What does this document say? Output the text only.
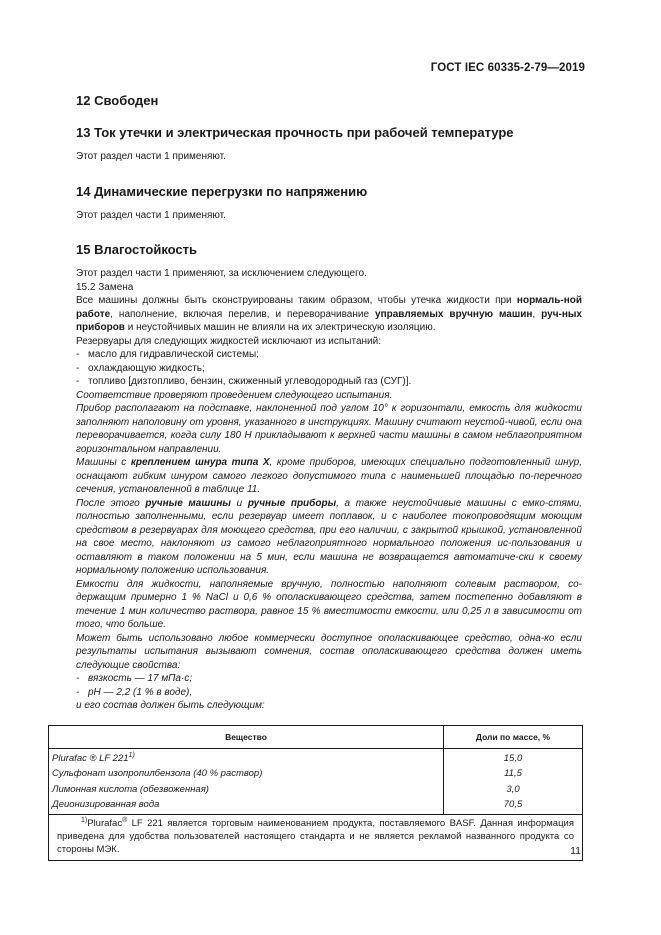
ГОСТ IEC 60335-2-79—2019
12 Свободен
13 Ток утечки и электрическая прочность при рабочей температуре

Этот раздел части 1 применяют.

14 Динамические перегрузки по напряжению

Этот раздел части 1 применяют.

15 Влагостойкость

Этот раздел части 1 применяют, за исключением следующего.

15.2 Замена

Все машины должны быть сконструированы таким образом, чтобы утечка жидкости при нормаль-ной работе, наполнение, включая перелив, и переворачивание управляемых вручную машин, руч-ных приборов и неустойчивых машин не влияли на их электрическую изоляцию.

Резервуары для следующих жидкостей исключают из испытаний:

- масло для гидравлической системы;

- охлаждающую жидкость;

- топливо [дизтопливо, бензин, сжиженный углеводородный газ (СУГ)].

Соответствие проверяют проведением следующего испытания.

Прибор располагают на подставке, наклоненной под углом 10° к горизонтали, емкость для жидкости заполняют наполовину от уровня, указанного в инструкциях. Машину считают неустой-чивой, если она переворачивается, когда силу 180 Н прикладывают к верхней части машины в самом неблагоприятном горизонтальном направлении.

Машины с креплением шнура типа X, кроме приборов, имеющих специально подготовленный шнур, оснащают гибким шнуром самого легкого допустимого типа с наименьшей площадью по-перечного сечения, установленной в таблице 11.

После этого ручные машины и ручные приборы, а также неустойчивые машины с емко-стями, полностью заполненными, если резервуар имеет поплавок, и с наиболее токопроводящим моющим средством в резервуарах для моющего средства, при его наличии, с закрытой крышкой, установленной на свое место, наклоняют из самого неблагоприятного нормального положения ис-пользования и оставляют в таком положении на 5 мин, если машина не возвращается автоматиче-ски к своему нормальному положению использования.

Емкости для жидкости, наполняемые вручную, полностью наполняют солевым раствором, со-держащим примерно 1 % NaCl и 0,6 % ополаскивающего средства, затем постепенно добавляют в течение 1 мин количество раствора, равное 15 % вместимости емкости, или 0,25 л в зависимости от того, что больше.

Может быть использовано любое коммерчески доступное ополаскивающее средство, одна-ко если результаты испытания вызывают сомнения, состав ополаскивающего средства должен иметь следующие свойства:

- вязкость — 17 мПа·с;

- рН — 2,2 (1 % в воде),

и его состав должен быть следующим:

Вещество	Доли по массе, %
Plurafac ® LF 221$^{1)}$	15,0
Сульфонат изопропилбензола (40 % раствор)	11,5
Лимонная кислота (обезвоженная)	3,0
Деионизированная вода	70,5
$^{1)}$Plurafac® LF 221 является торговым наименованием продукта, поставляемого BASF. Данная информация приведена для удобства пользователей настоящего стандарта и не является рекламой названного продукта со стороны МЭК.		11
